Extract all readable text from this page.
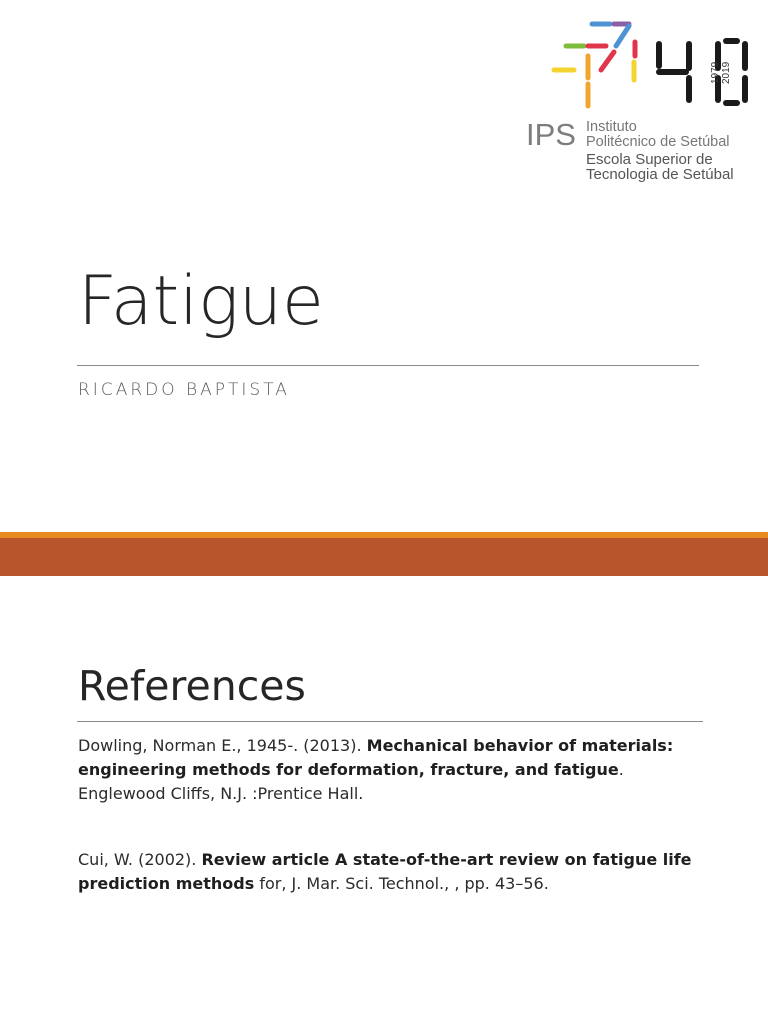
1979 2019
IPS Instituto
Politécnico de Setúbal
Escola Superior de
Tecnologia de Setúbal
Fatigue
RICARDO BAPTISTA
References

Dowling, Norman E., 1945-. (2013). Mechanical behavior of materials: engineering methods for deformation, fracture, and fatigue. Englewood Cliffs, N.J. :Prentice Hall.

Cui, W. (2002). Review article A state-of-the-art review on fatigue life prediction methods for, J. Mar. Sci. Technol., , pp. 43–56.
